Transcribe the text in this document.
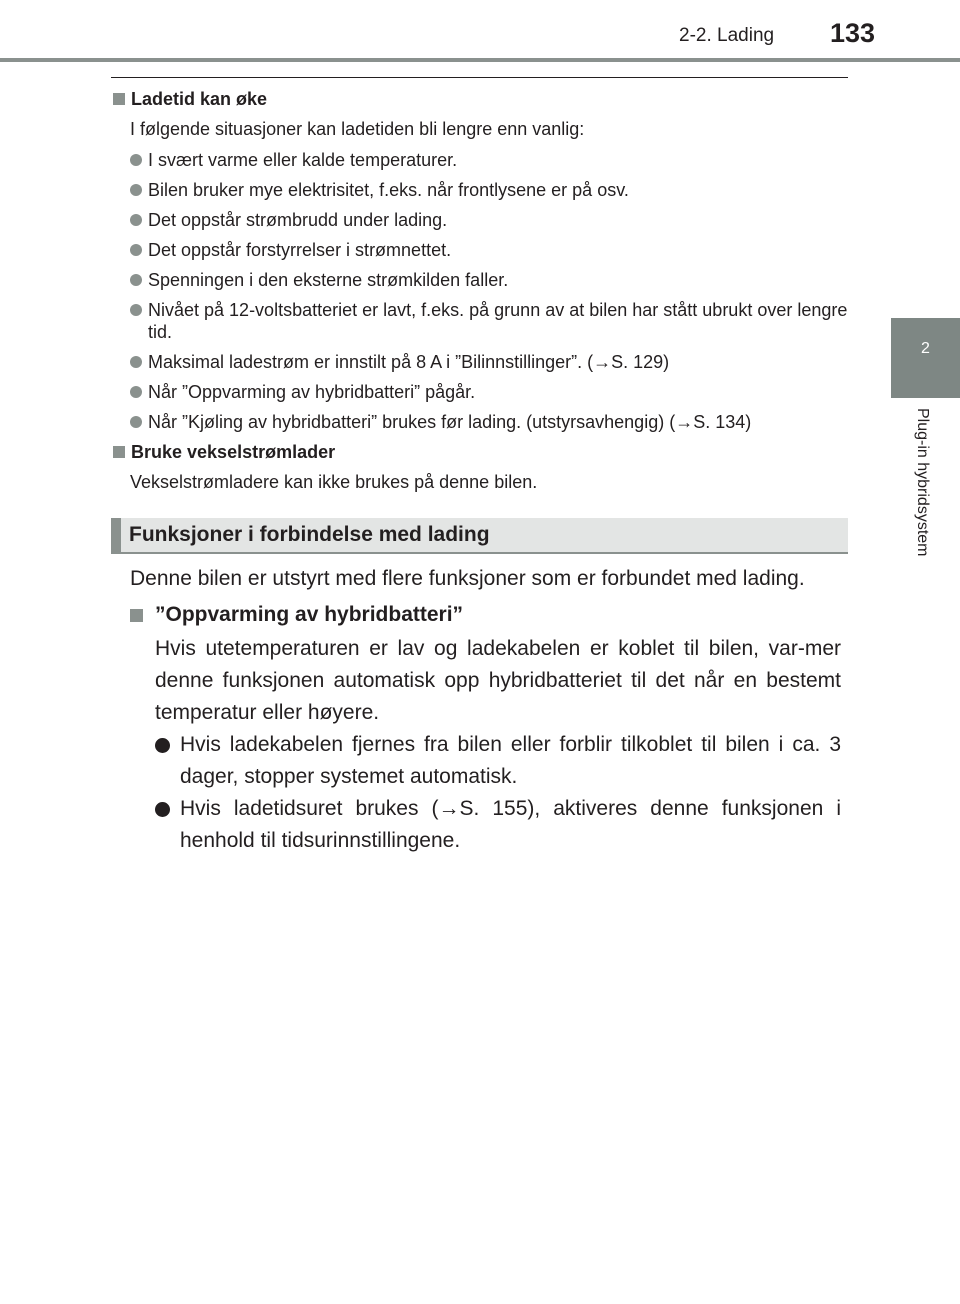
2-2. Lading 133
2
Plug-in hybridsystem
Ladetid kan øke
I følgende situasjoner kan ladetiden bli lengre enn vanlig:
I svært varme eller kalde temperaturer.
Bilen bruker mye elektrisitet, f.eks. når frontlysene er på osv.
Det oppstår strømbrudd under lading.
Det oppstår forstyrrelser i strømnettet.
Spenningen i den eksterne strømkilden faller.
Nivået på 12-voltsbatteriet er lavt, f.eks. på grunn av at bilen har stått ubrukt over lengre tid.
Maksimal ladestrøm er innstilt på 8 A i ”Bilinnstillinger”. (→S. 129)
Når ”Oppvarming av hybridbatteri” pågår.
Når ”Kjøling av hybridbatteri” brukes før lading. (utstyrsavhengig) (→S. 134)
Bruke vekselstrømlader
Vekselstrømladere kan ikke brukes på denne bilen.
Funksjoner i forbindelse med lading
Denne bilen er utstyrt med flere funksjoner som er forbundet med lading.
”Oppvarming av hybridbatteri”
Hvis utetemperaturen er lav og ladekabelen er koblet til bilen, var-mer denne funksjonen automatisk opp hybridbatteriet til det når en bestemt temperatur eller høyere.
Hvis ladekabelen fjernes fra bilen eller forblir tilkoblet til bilen i ca. 3 dager, stopper systemet automatisk.
Hvis ladetidsuret brukes (→S. 155), aktiveres denne funksjonen i henhold til tidsurinnstillingene.
